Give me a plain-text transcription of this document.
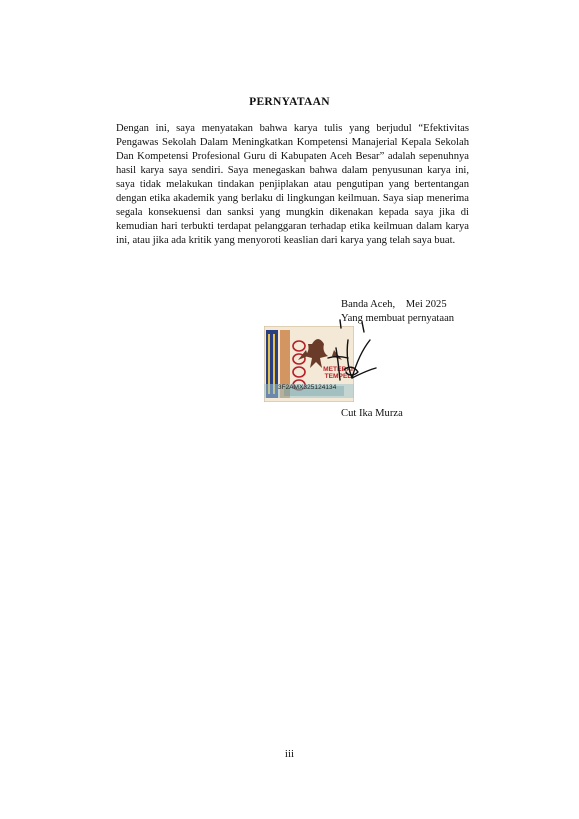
PERNYATAAN
Dengan ini, saya menyatakan bahwa karya tulis yang berjudul “Efektivitas Pengawas Sekolah Dalam Meningkatkan Kompetensi Manajerial Kepala Sekolah Dan Kompetensi Profesional Guru di Kabupaten Aceh Besar” adalah sepenuhnya hasil karya saya sendiri. Saya menegaskan bahwa dalam penyusunan karya ini, saya tidak melakukan tindakan penjiplakan atau pengutipan yang bertentangan dengan etika akademik yang berlaku di lingkungan keilmuan. Saya siap menerima segala konsekuensi dan sanksi yang mungkin dikenakan kepada saya jika di kemudian hari terbukti terdapat pelanggaran terhadap etika keilmuan dalam karya ini, atau jika ada kritik yang menyoroti keaslian dari karya yang telah saya buat.
Banda Aceh,    Mei 2025
Yang membuat pernyataan
METERAI
TEMPEL
3F2AMX325124134
Cut Ika Murza
iii
